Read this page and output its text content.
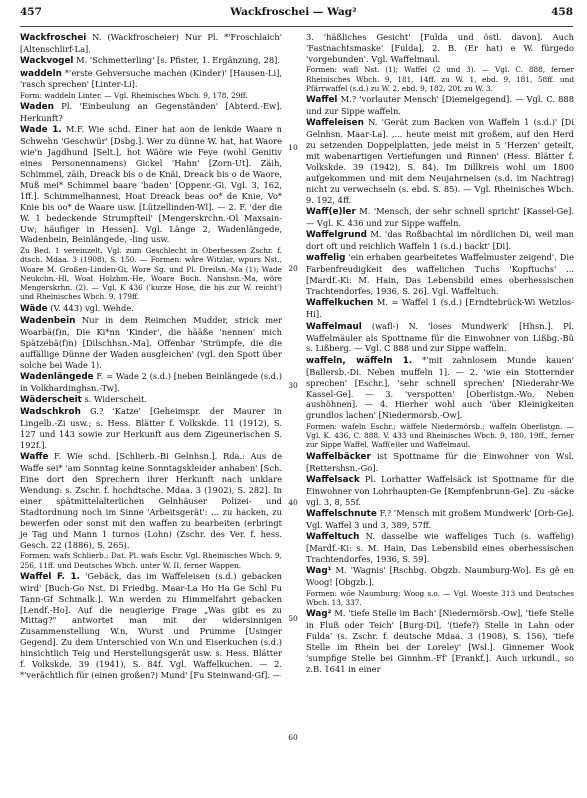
457	Wackfroschei — Wag²	458
10
20
30
40
50
60

Wackfroschei N. (Wackfroscheier) Nur Pl. *'Froschlaich' [Altenschlirf-La].

Wackvogel M. 'Schmetterling' [s. Pfister, 1. Ergänzung, 28].

waddeln *'erste Gehversuche machen (Kinder)' [Hausen-Li], 'rasch sprechen' [Linter-Li].

Form: waddeln Linter. — Vgl. Rheinisches Wbch. 9, 178, 29ff.

Waden Pl. 'Einbeulung an Gegenständen' [Abterd.-Ew]. Herkunft?

Wade 1. M.F. Wie schd. Einer hat aon de lenkde Waare n Schwehn 'Geschwür' [Dsbg.]. Wer zu dünne W. hat, hat Waore wie'n Jagdhund [Selt.], hot Wäöre wie Feye (wohl Genitiv eines Personennamens) Gickel 'Hahn' [Zorn-Ut]. Zäih, Schimmel, zäih, Dreack bis o de Knäi, Dreack bis o de Waore, Muß mei* Schimmel baare 'baden' [Oppenr.-Gi. Vgl. 3, 162, 1ff.]. Schimmelhannesi, Hoat Dreack beas oo* de Knie, Vo* Knie bis oo* de Waare usw. [Lützellinden-Wl]. — 2. F. 'der die W. 1 bedeckende Strumpfteil' [Mengerskrchn.-Ol Maxsain-Uw; häufiger in Hessen]. Vgl. Länge 2, Wadenlängede, Wadenbein, Beinlängede, -ling usw.

Zu Bed. 1 vereinzelt. Vgl. zum Geschlecht in Oberhessen Zschr. f. dtsch. Mdaa. 3 (1908), S. 150. — Formen: wåre Witzlar, wpurs Nst., Woare M. Großen-Linden-Gi, Wore Sg. und Pl. Dreilsn.-Ma (1); Wade Neukchn.-Hl, Woat Holzhm.-He, Woare Buch. Nanshsn.-Ma, wöre Mengerskrhn. (2). — Vgl. K 436 ('kurze Hose, die bis zur W. reicht') und Rheinisches Wbch. 9, 179ff.

Wäde (V. 443) vgl. Wehde.

Wadenbein Nur in dem Reimchen Mudder, strick mer Woarbä(f)n, Die Ki*nn 'Kinder', die hääße 'nennen' mich Spätzebä(f)n) [Dilschhsn.-Ma]. Offenbar 'Strümpfe, die die auffällige Dünne der Waden ausgleichen' (vgl. den Spott über solche bei Wade 1).

Wadenlängede F. = Wade 2 (s.d.) [neben Beinlängede (s.d.) in Volkhardinghsn.-Tw].

Wäderscheit s. Widerscheit.

Wadschkroh G.? 'Katze' [Geheimspr. der Maurer in Lingelb.-Zi usw.; s. Hess. Blätter f. Volkskde. 11 (1912), S. 127 und 143 sowie zur Herkunft aus dem Zigeunerischen S. 192f.].

Waffe F. Wie schd. [Schlierb.-Bi Gelnhsn.]. Rda.: Aus de Waffe sei* 'am Sonntag keine Sonntagskleider anhaben' [Sch. Eine dort den Sprechern ihrer Herkunft nach unklare Wendung: s. Zschr. f. hochdtsche. Mdaa. 3 (1902), S. 282]. In einer spätmittelalterlichen Gelnhäuser Polizei- und Stadtordnung noch im Sinne 'Arbeitsgerät': ... zu hacken, zu bewerfen oder sonst mit den waffen zu bearbeiten (erbringt je Tag und Mann 1 turnos (Lohn) (Zschr. des Ver. f. hess. Gesch. 22 (1886), S. 265).

Formen: wafs Schlierb.; Dat. Pl. wafs Eschr. Vgl. Rheinisches Wbch. 9, 256, 11ff. und Deutsches Wbch. unter W. II, ferner Wappen.

Waffel F. 1. 'Gebäck, das im Waffeleisen (s.d.) gebacken wird' [Buch-Go Nst. Di Friedbg. Maar-La Ho Ha Ge Schl Fu Tann-Gf Schmalk.]. W.n werden zu Himmelfahrt gebacken [Lendf.-Ho]. Auf die neugierige Frage „Was gibt es zu Mittag?" antwortet man mit der widersinnigen Zusammenstellung W.n, Wurst und Prumme [Usinger Gegend]. Zu dem Unterschied von W.n und Eiserkuchen (s.d.) hinsichtlich Teig und Herstellungsgerät usw. s. Hess. Blätter f. Volkskde. 39 (1941), S. 84f. Vgl. Waffelkuchen. — 2. *'verächtlich für (einen großen?) Mund' [Fu Steinwand-Gf]. —

3. 'häßliches Gesicht' [Fulda und östl. davon]. Auch 'Fastnachtsmaske' [Fulda], 2. B. (Er hat) e W. fürgedo 'vorgebunden'. Vgl. Waffelmaul.

Formen: wafl Nst. (1); Waffel (2 und 3). — Vgl. C. 888, ferner Rheinisches Wbch. 9, 181, 14ff. zu W. 1, ebd. 9, 181, 58ff. und Pfärrwaffel (s.d.) zu W. 2, ebd. 9, 182, 20f. zu W. 3.

Waffel M.? 'vorlauter Mensch' [Diemelgegend]. — Vgl. C. 888 und zur Sippe waffeln.

Waffeleisen N. 'Gerät zum Backen von Waffeln 1 (s.d.)' [Di Gelnhsn. Maar-La]. ,... heute meist mit großem, auf den Herd zu setzenden Doppelplatten, jede meist in 5 'Herzen' geteilt, mit wabenartigen Vertiefungen und Rinnen' (Hess. Blätter f. Volkskde. 39 (1942), S. 84). Im Dillkreis wohl um 1800 aufgekommen und mit dem Neujahrneisen (s.d. im Nachtrag) nicht zu verwechseln (s. ebd. S. 85). — Vgl. Rheinisches Wbch. 9. 192, 4ff.

Waff(e)ler M. 'Mensch, der sehr schnell spricht' [Kassel-Ge]. — Vgl. K. 436 und zur Sippe waffeln.

Waffelgrund M. 'das Roßbachtal im nördlichen Di, weil man dort oft und reichlich Waffeln 1 (s.d.) backt' [Di].

waffelig 'ein erhaben gearbeitetes Waffelmuster zeigend'. Die Farbenfreudigkeit des waffelichen Tuchs 'Kopftuchs' ... [Mardf.-Ki: M. Hain, Das Lebensbild eines oberhessischen Trachtendorfes, 1936, S. 26]. Vgl. Waffeltuch.

Waffelkuchen M. = Waffel 1 (s.d.) [Erndtebrück-Wi Wetzlos-Hi].

Waffelmaul (wafl-) N. 'loses Mundwerk' [Hhsn.]. Pl. Waffelmäuler als Spottname für die Einwohner von Lißbg.-Bü s. Lißberg. — Vgl. C 888 und zur Sippe waffeln.

waffeln, wäffeln 1. *'mit zahnlosem Munde kauen' [Ballersb.-Di. Neben muffeln 1]. — 2. 'wie ein Stotternder sprechen' [Eschr.], 'sehr schnell sprechen' [Niederahr-We Kassel-Ge]. — 3. 'verspotten' [Oberlistgn.-Wo. Neben aushöhnen]. — 4. Hierher wohl auch 'über Kleinigkeiten grundlos lachen' [Niedermorsb.-Ow].

Formen: wafeln Eschr.; wäffele Niedermörsb.; waffeln Oberlistgn. — Vgl. K. 436, C. 888, V. 433 und Rheinisches Wbch. 9, 180, 19ff., ferner zur Sippe Waffel, Waff(e)ler und Waffelmaul.

Waffelbäcker ist Spottname für die Einwohner von Wsl. [Rettershsn.-Go].

Waffelsack Pl. Lorhatter Waffelsäck ist Spottname für die Einwohner von Lohrhaupten-Ge [Kempfenbrunn-Ge]. Zu -säcke vgl. 3, 8, 55f.

Waffelschnute F.? 'Mensch mit großem Mundwerk' [Orb-Ge]. Vgl. Waffel 3 und 3, 389, 57ff.

Waffeltuch N. dasselbe wie waffeliges Tuch (s. waffelig) [Mardf.-Ki: s. M. Hain, Das Lebensbild eines oberhessischen Trachtendorfes, 1936, S. 59].

Wag¹ M. 'Wagnis' [Rschbg. Obgzb. Naumburg-Wo]. Es gê en Woog! [Obgzb.].

Formen: wôe Naumburg; Woog s.o. — Vgl. Woeste 313 und Deutsches Wbch. 13, 337.

Wag² M. 'tiefe Stelle im Bach' [Niedermörsb.-Ow], 'tiefe Stelle in Fluß oder Teich' [Burg-Di], '(tiefe?) Stelle in Lahn oder Fulda' (s. Zschr. f. deutsche Mdaa. 3 (1908), S. 156), 'tiefe Stelle im Rhein bei der Loreley' [Wsl.]. Ginnemer Wook 'sumpfige Stelle bei Ginnhm.-Ff' [Frankf.]. Auch urkundl., so z.B. 1641 in einer
